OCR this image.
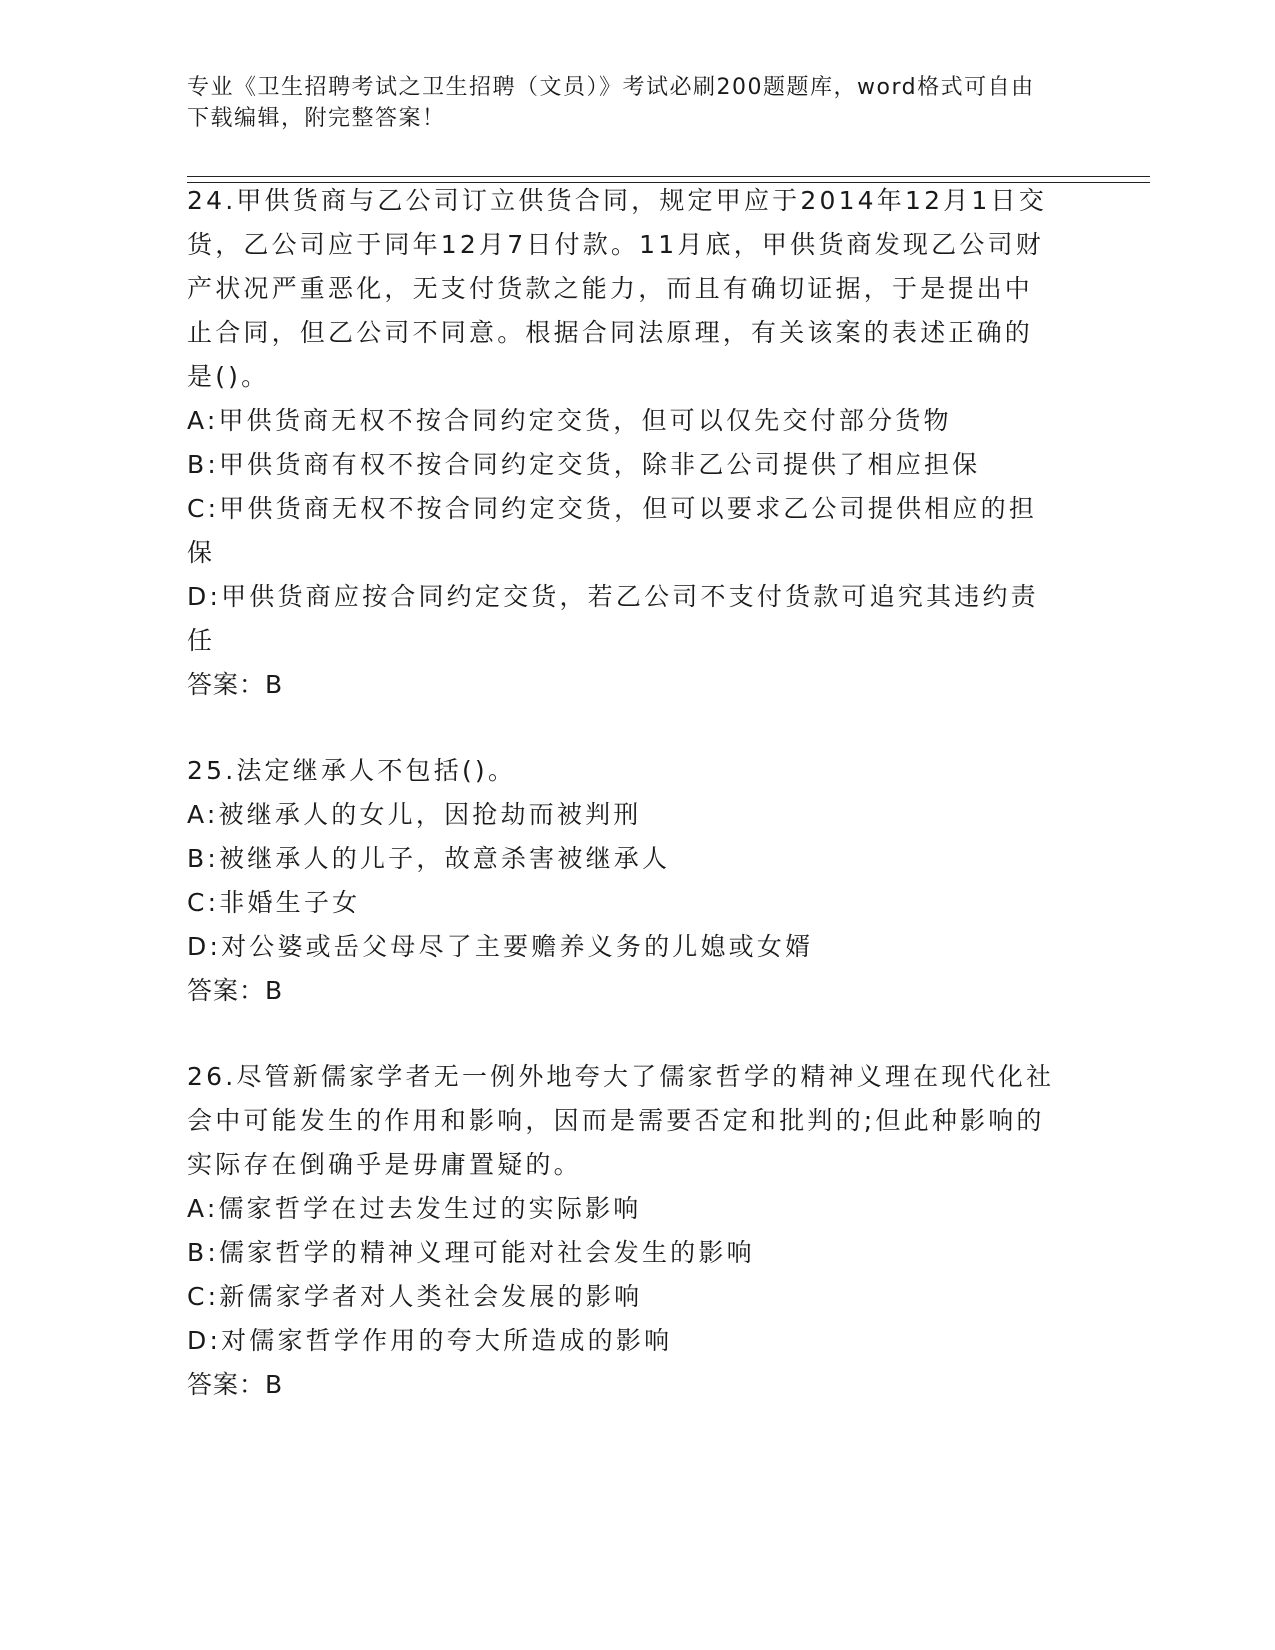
专业《卫生招聘考试之卫生招聘（文员）》考试必刷200题题库，word格式可自由下载编辑，附完整答案！
24.甲供货商与乙公司订立供货合同，规定甲应于2014年12月1日交
货，乙公司应于同年12月7日付款。11月底，甲供货商发现乙公司财
产状况严重恶化，无支付货款之能力，而且有确切证据，于是提出中
止合同，但乙公司不同意。根据合同法原理，有关该案的表述正确的
是()。
A:甲供货商无权不按合同约定交货，但可以仅先交付部分货物
B:甲供货商有权不按合同约定交货，除非乙公司提供了相应担保
C:甲供货商无权不按合同约定交货，但可以要求乙公司提供相应的担
保
D:甲供货商应按合同约定交货，若乙公司不支付货款可追究其违约责
任
答案：B
25.法定继承人不包括()。
A:被继承人的女儿，因抢劫而被判刑
B:被继承人的儿子，故意杀害被继承人
C:非婚生子女
D:对公婆或岳父母尽了主要赡养义务的儿媳或女婿
答案：B
26.尽管新儒家学者无一例外地夸大了儒家哲学的精神义理在现代化社
会中可能发生的作用和影响，因而是需要否定和批判的;但此种影响的
实际存在倒确乎是毋庸置疑的。
A:儒家哲学在过去发生过的实际影响
B:儒家哲学的精神义理可能对社会发生的影响
C:新儒家学者对人类社会发展的影响
D:对儒家哲学作用的夸大所造成的影响
答案：B
